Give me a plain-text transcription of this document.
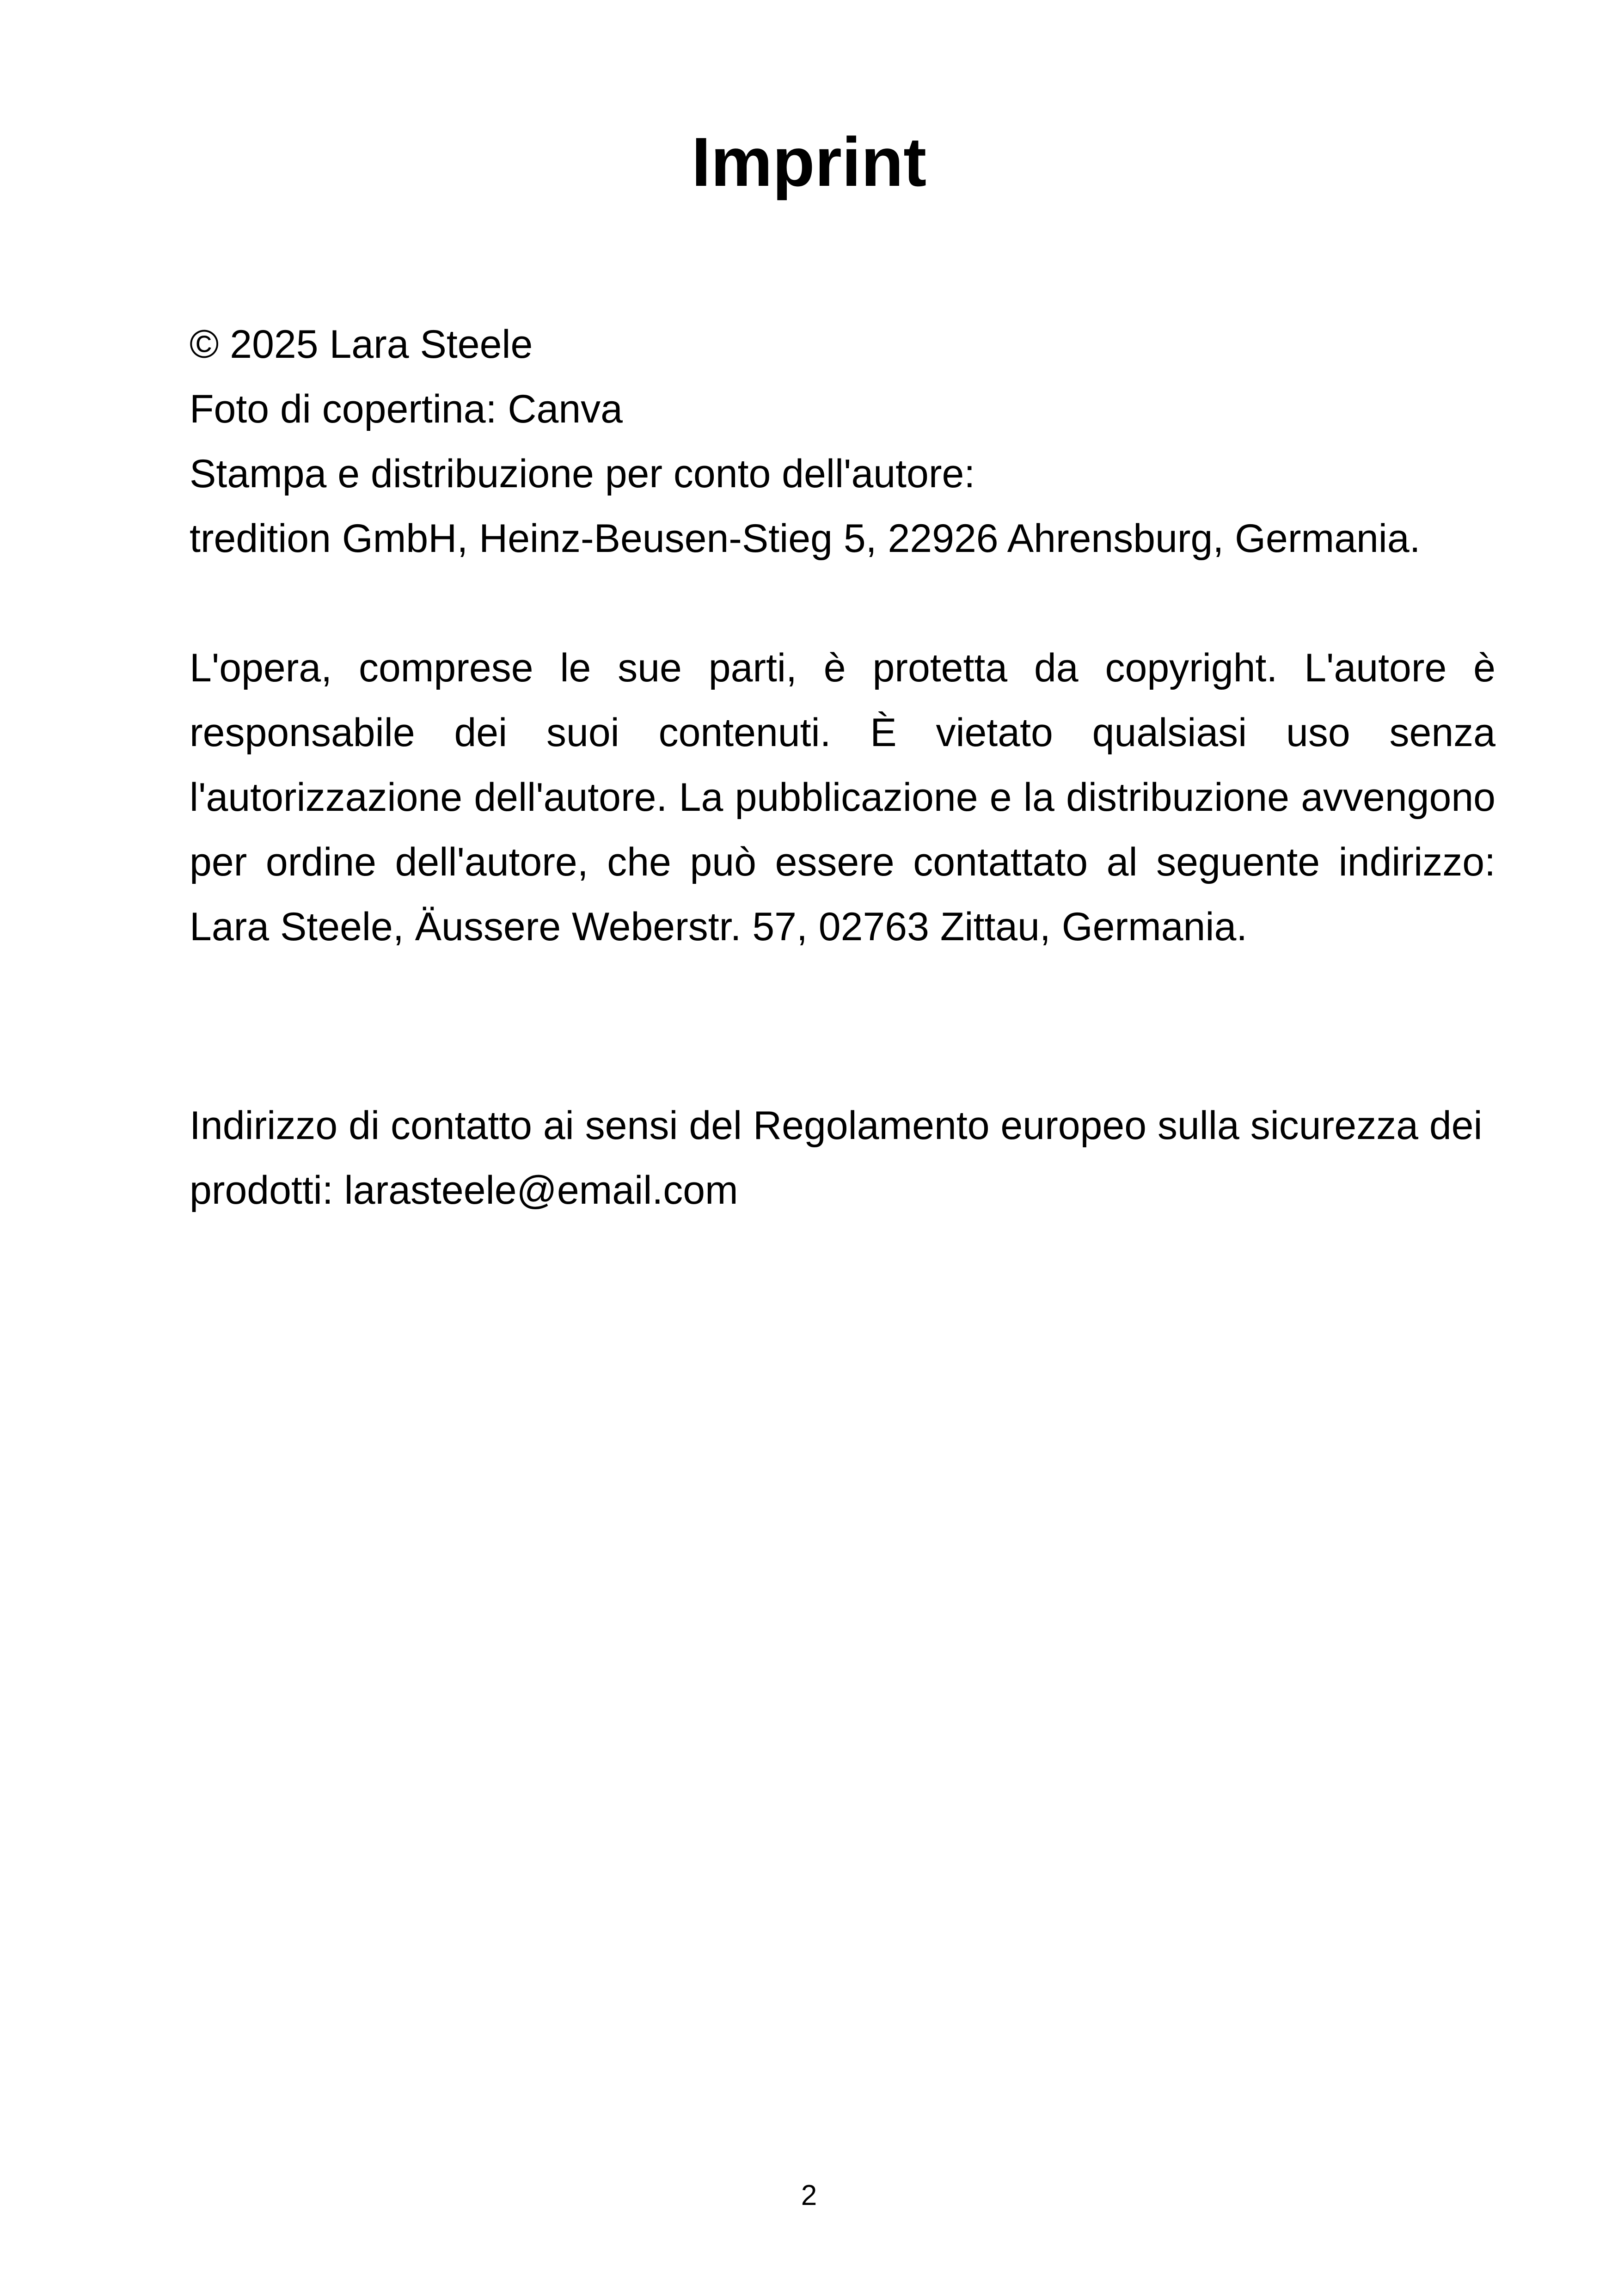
Imprint
© 2025 Lara Steele
Foto di copertina: Canva
Stampa e distribuzione per conto dell'autore:
tredition GmbH, Heinz-Beusen-Stieg 5, 22926 Ahrensburg, Germania.

L'opera, comprese le sue parti, è protetta da copyright. L'autore è responsabile dei suoi contenuti. È vietato qualsiasi uso senza l'autorizzazione dell'autore. La pubblicazione e la distribuzione avvengono per ordine dell'autore, che può essere contattato al seguente indirizzo: Lara Steele, Äussere Weberstr. 57, 02763 Zittau, Germania.

Indirizzo di contatto ai sensi del Regolamento europeo sulla sicurezza dei prodotti: larasteele@email.com

2
